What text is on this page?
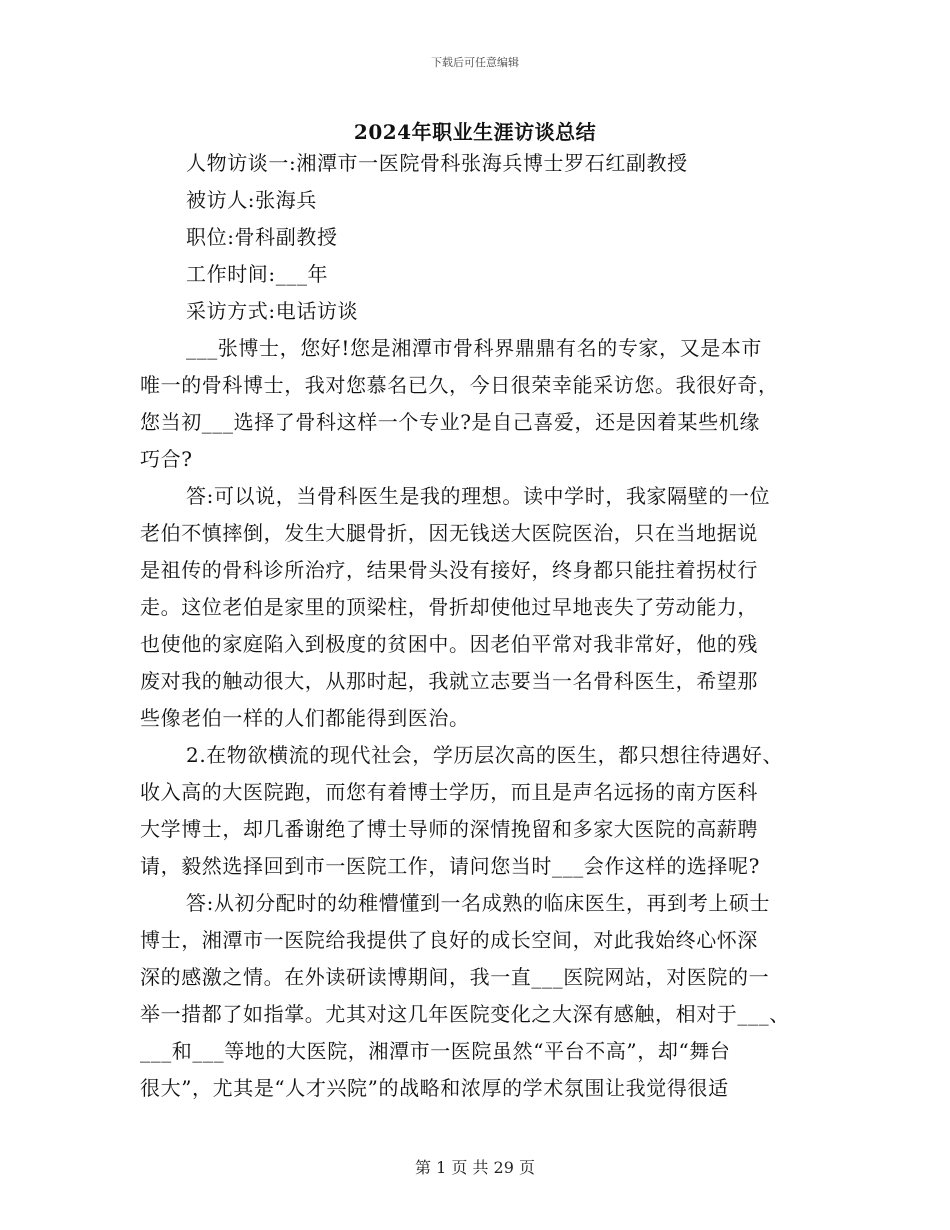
下载后可任意编辑
2024年职业生涯访谈总结
人物访谈一:湘潭市一医院骨科张海兵博士罗石红副教授
被访人:张海兵
职位:骨科副教授
工作时间:___年
采访方式:电话访谈
___张博士，您好!您是湘潭市骨科界鼎鼎有名的专家，又是本市
唯一的骨科博士，我对您慕名已久，今日很荣幸能采访您。我很好奇，
您当初___选择了骨科这样一个专业?是自己喜爱，还是因着某些机缘
巧合?
答:可以说，当骨科医生是我的理想。读中学时，我家隔壁的一位
老伯不慎摔倒，发生大腿骨折，因无钱送大医院医治，只在当地据说
是祖传的骨科诊所治疗，结果骨头没有接好，终身都只能拄着拐杖行
走。这位老伯是家里的顶梁柱，骨折却使他过早地丧失了劳动能力，
也使他的家庭陷入到极度的贫困中。因老伯平常对我非常好，他的残
废对我的触动很大，从那时起，我就立志要当一名骨科医生，希望那
些像老伯一样的人们都能得到医治。
2.在物欲横流的现代社会，学历层次高的医生，都只想往待遇好、
收入高的大医院跑，而您有着博士学历，而且是声名远扬的南方医科
大学博士，却几番谢绝了博士导师的深情挽留和多家大医院的高薪聘
请，毅然选择回到市一医院工作，请问您当时___会作这样的选择呢?
答:从初分配时的幼稚懵懂到一名成熟的临床医生，再到考上硕士
博士，湘潭市一医院给我提供了良好的成长空间，对此我始终心怀深
深的感激之情。在外读研读博期间，我一直___医院网站，对医院的一
举一措都了如指掌。尤其对这几年医院变化之大深有感触，相对于___、
___和___等地的大医院，湘潭市一医院虽然“平台不高”，却“舞台
很大”，尤其是“人才兴院”的战略和浓厚的学术氛围让我觉得很适
第 1 页 共 29 页
